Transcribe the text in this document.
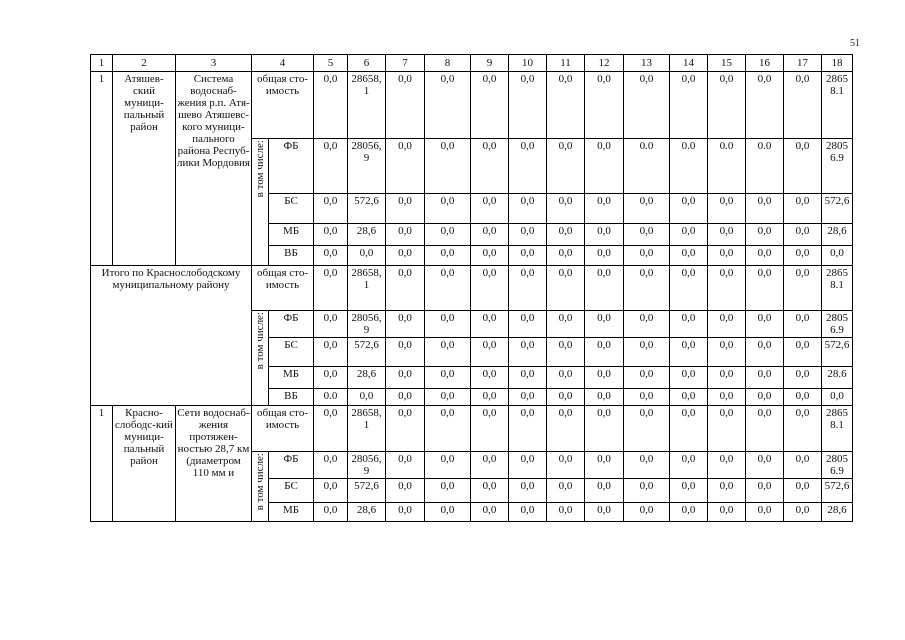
51
1	2	3	4		5	6	7	8	9	10	11	12	13	14	15	16	17	18
1	Атяшев-ский муници-пальный район	Система водоснаб-жения р.п. Атя-шево Атяшевс-кого муници-пального района Респуб-лики Мордовия	общая сто-имость		0,0	28658,1	0,0	0,0	0,0	0,0	0,0	0,0	0,0	0,0	0,0	0,0	0,0	28658.1

			в том числе:	ФБ	0,0	28056,9	0,0	0,0	0,0	0,0	0,0	0,0	0.0	0.0	0.0	0.0	0,0	28056.9
				БС	0,0	572,6	0,0	0,0	0,0	0,0	0,0	0,0	0,0	0,0	0,0	0,0	0,0	572,6
				МБ	0,0	28,6	0,0	0,0	0,0	0,0	0,0	0,0	0,0	0,0	0,0	0,0	0,0	28,6
				ВБ	0,0	0,0	0,0	0,0	0,0	0,0	0,0	0,0	0,0	0,0	0,0	0,0	0,0	0,0
Итого по Краснослободскому муниципальному району			общая сто-имость		0,0	28658,1	0,0	0,0	0,0	0,0	0,0	0,0	0,0	0,0	0,0	0,0	0,0	28658.1

			в том числе:	ФБ	0,0	28056,9	0,0	0,0	0,0	0,0	0,0	0,0	0,0	0,0	0,0	0,0	0,0	28056.9
				БС	0,0	572,6	0,0	0,0	0,0	0,0	0,0	0,0	0,0	0,0	0,0	0,0	0,0	572,6
				МБ	0,0	28,6	0,0	0,0	0,0	0,0	0,0	0,0	0,0	0,0	0,0	0,0	0,0	28.6
				ВБ	0.0	0,0	0,0	0,0	0,0	0,0	0,0	0,0	0,0	0,0	0,0	0,0	0,0	0,0
1	Красно-слободс-кий муници-пальный район	Сети водоснаб-жения протяжен-ностью 28,7 км (диаметром 110 мм и	общая сто-имость		0,0	28658,1	0,0	0,0	0,0	0,0	0,0	0,0	0,0	0,0	0,0	0,0	0,0	28658.1

			в том числе:	ФБ	0,0	28056,9	0,0	0,0	0,0	0,0	0,0	0,0	0,0	0,0	0,0	0,0	0,0	28056.9
				БС	0,0	572,6	0,0	0,0	0,0	0,0	0,0	0,0	0,0	0,0	0,0	0,0	0,0	572,6
				МБ	0,0	28,6	0,0	0,0	0,0	0,0	0,0	0,0	0,0	0,0	0,0	0,0	0,0	28,6
